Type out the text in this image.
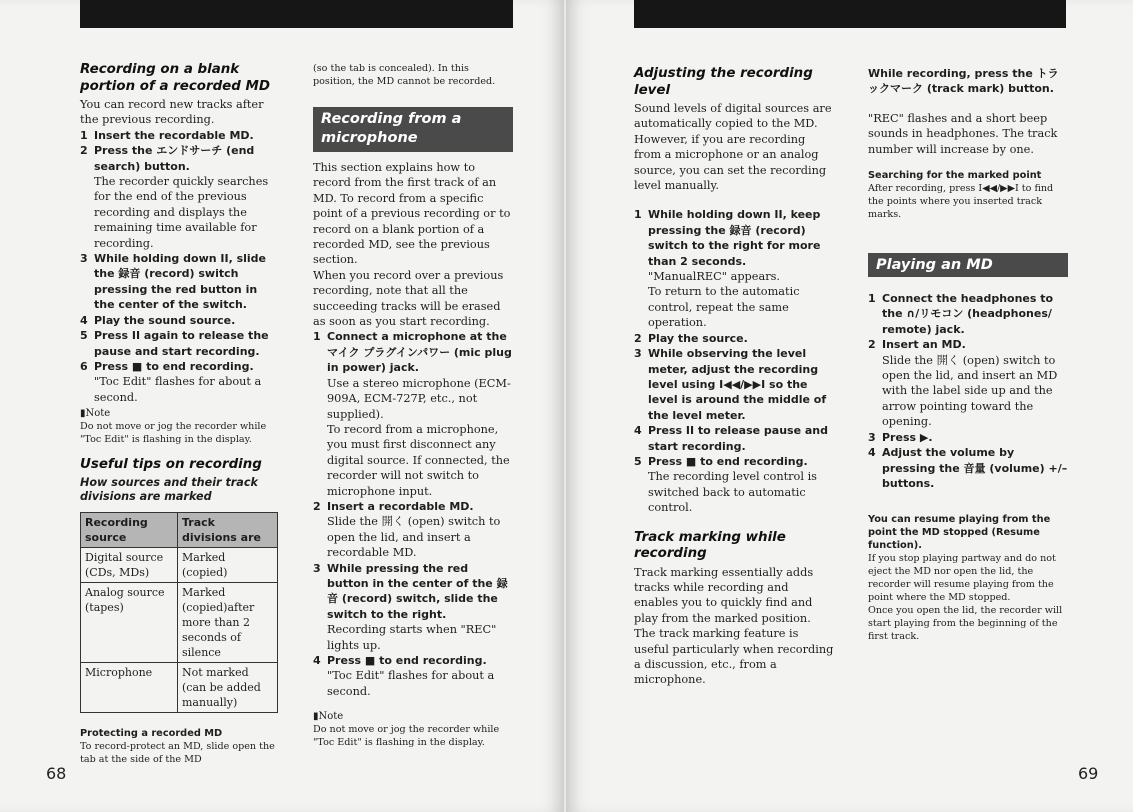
Recording on a blank portion of a recorded MD

You can record new tracks after the previous recording.

1 Insert the recordable MD.
2 Press the エンドサーチ (end search) button.

The recorder quickly searches for the end of the previous recording and displays the remaining time available for recording.

3 While holding down II, slide the 録音 (record) switch pressing the red button in the center of the switch.
4 Play the sound source.
5 Press II again to release the pause and start recording.
6 Press ■ to end recording.

"Toc Edit" flashes for about a second.

▮Note

Do not move or jog the recorder while "Toc Edit" is flashing in the display.

Useful tips on recording
How sources and their track divisions are marked
Recording source	Track divisions are
Digital source (CDs, MDs)	Marked (copied)
Analog source (tapes)	Marked (copied)after more than 2 seconds of silence
Microphone	Not marked (can be added manually)
Protecting a recorded MD

To record-protect an MD, slide open the tab at the side of the MD

(so the tab is concealed). In this position, the MD cannot be recorded.

Recording from a microphone

This section explains how to record from the first track of an MD. To record from a specific point of a previous recording or to record on a blank portion of a recorded MD, see the previous section.

When you record over a previous recording, note that all the succeeding tracks will be erased as soon as you start recording.

1 Connect a microphone at the マイク プラグインパワー (mic plug in power) jack.

Use a stereo microphone (ECM-909A, ECM-727P, etc., not supplied).

To record from a microphone, you must first disconnect any digital source. If connected, the recorder will not switch to microphone input.

2 Insert a recordable MD.

Slide the 開く (open) switch to open the lid, and insert a recordable MD.

3 While pressing the red button in the center of the 録音 (record) switch, slide the switch to the right.

Recording starts when "REC" lights up.

4 Press ■ to end recording.

"Toc Edit" flashes for about a second.

▮Note

Do not move or jog the recorder while "Toc Edit" is flashing in the display.

68
Adjusting the recording level

Sound levels of digital sources are automatically copied to the MD. However, if you are recording from a microphone or an analog source, you can set the recording level manually.

1 While holding down II, keep pressing the 録音 (record) switch to the right for more than 2 seconds.

"ManualREC" appears.

To return to the automatic control, repeat the same operation.

2 Play the source.
3 While observing the level meter, adjust the recording level using I◀◀/▶▶I so the level is around the middle of the level meter.
4 Press II to release pause and start recording.
5 Press ■ to end recording.

The recording level control is switched back to automatic control.

Track marking while recording

Track marking essentially adds tracks while recording and enables you to quickly find and play from the marked position. The track marking feature is useful particularly when recording a discussion, etc., from a microphone.

While recording, press the トラックマーク (track mark) button.

"REC" flashes and a short beep sounds in headphones. The track number will increase by one.

Searching for the marked point

After recording, press I◀◀/▶▶I to find the points where you inserted track marks.

Playing an MD
1 Connect the headphones to the ∩/リモコン (headphones/ remote) jack.
2 Insert an MD.

Slide the 開く (open) switch to open the lid, and insert an MD with the label side up and the arrow pointing toward the opening.

3 Press ▶.
4 Adjust the volume by pressing the 音量 (volume) +/– buttons.
You can resume playing from the point the MD stopped (Resume function).

If you stop playing partway and do not eject the MD nor open the lid, the recorder will resume playing from the point where the MD stopped.

Once you open the lid, the recorder will start playing from the beginning of the first track.

69
